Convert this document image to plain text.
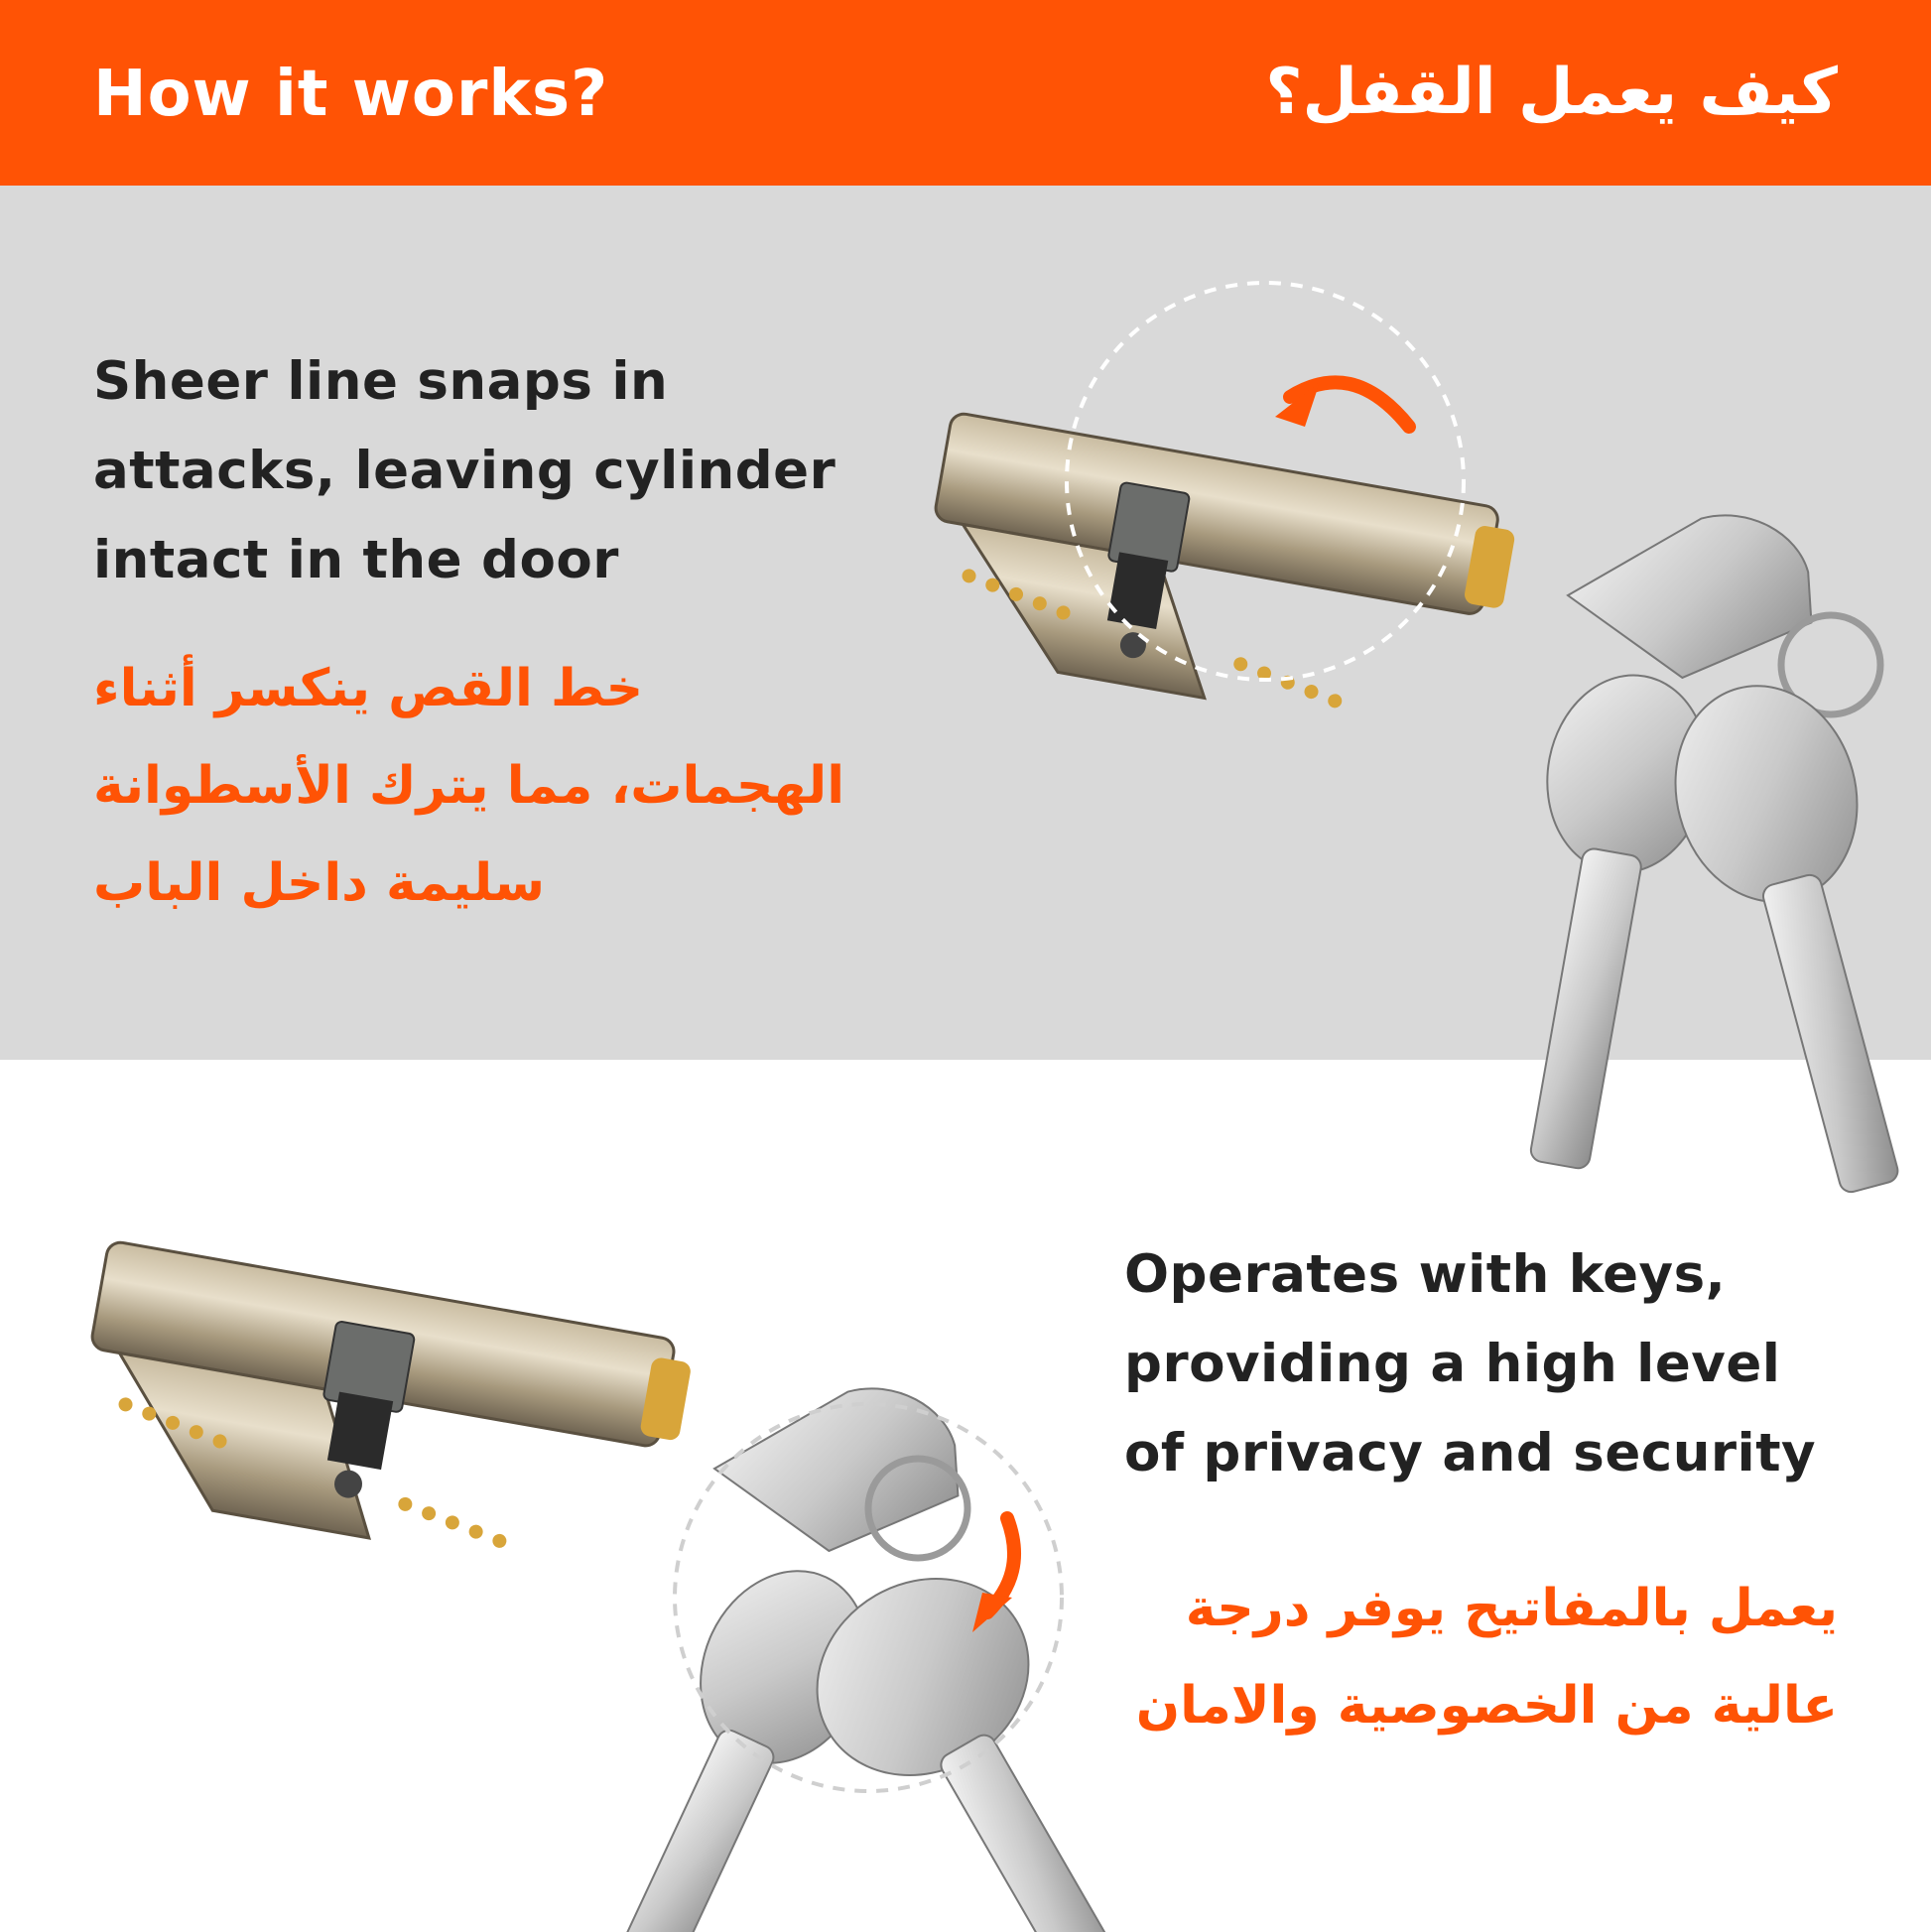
How it works?	كيف يعمل القفل؟
Sheer line snaps in
attacks, leaving cylinder
intact in the door
خط القص ينكسر أثناء
الهجمات، مما يترك الأسطوانة
سليمة داخل الباب
Operates with keys,
providing a high level
of privacy and security
يعمل بالمفاتيح يوفر درجة
عالية من الخصوصية والامان
